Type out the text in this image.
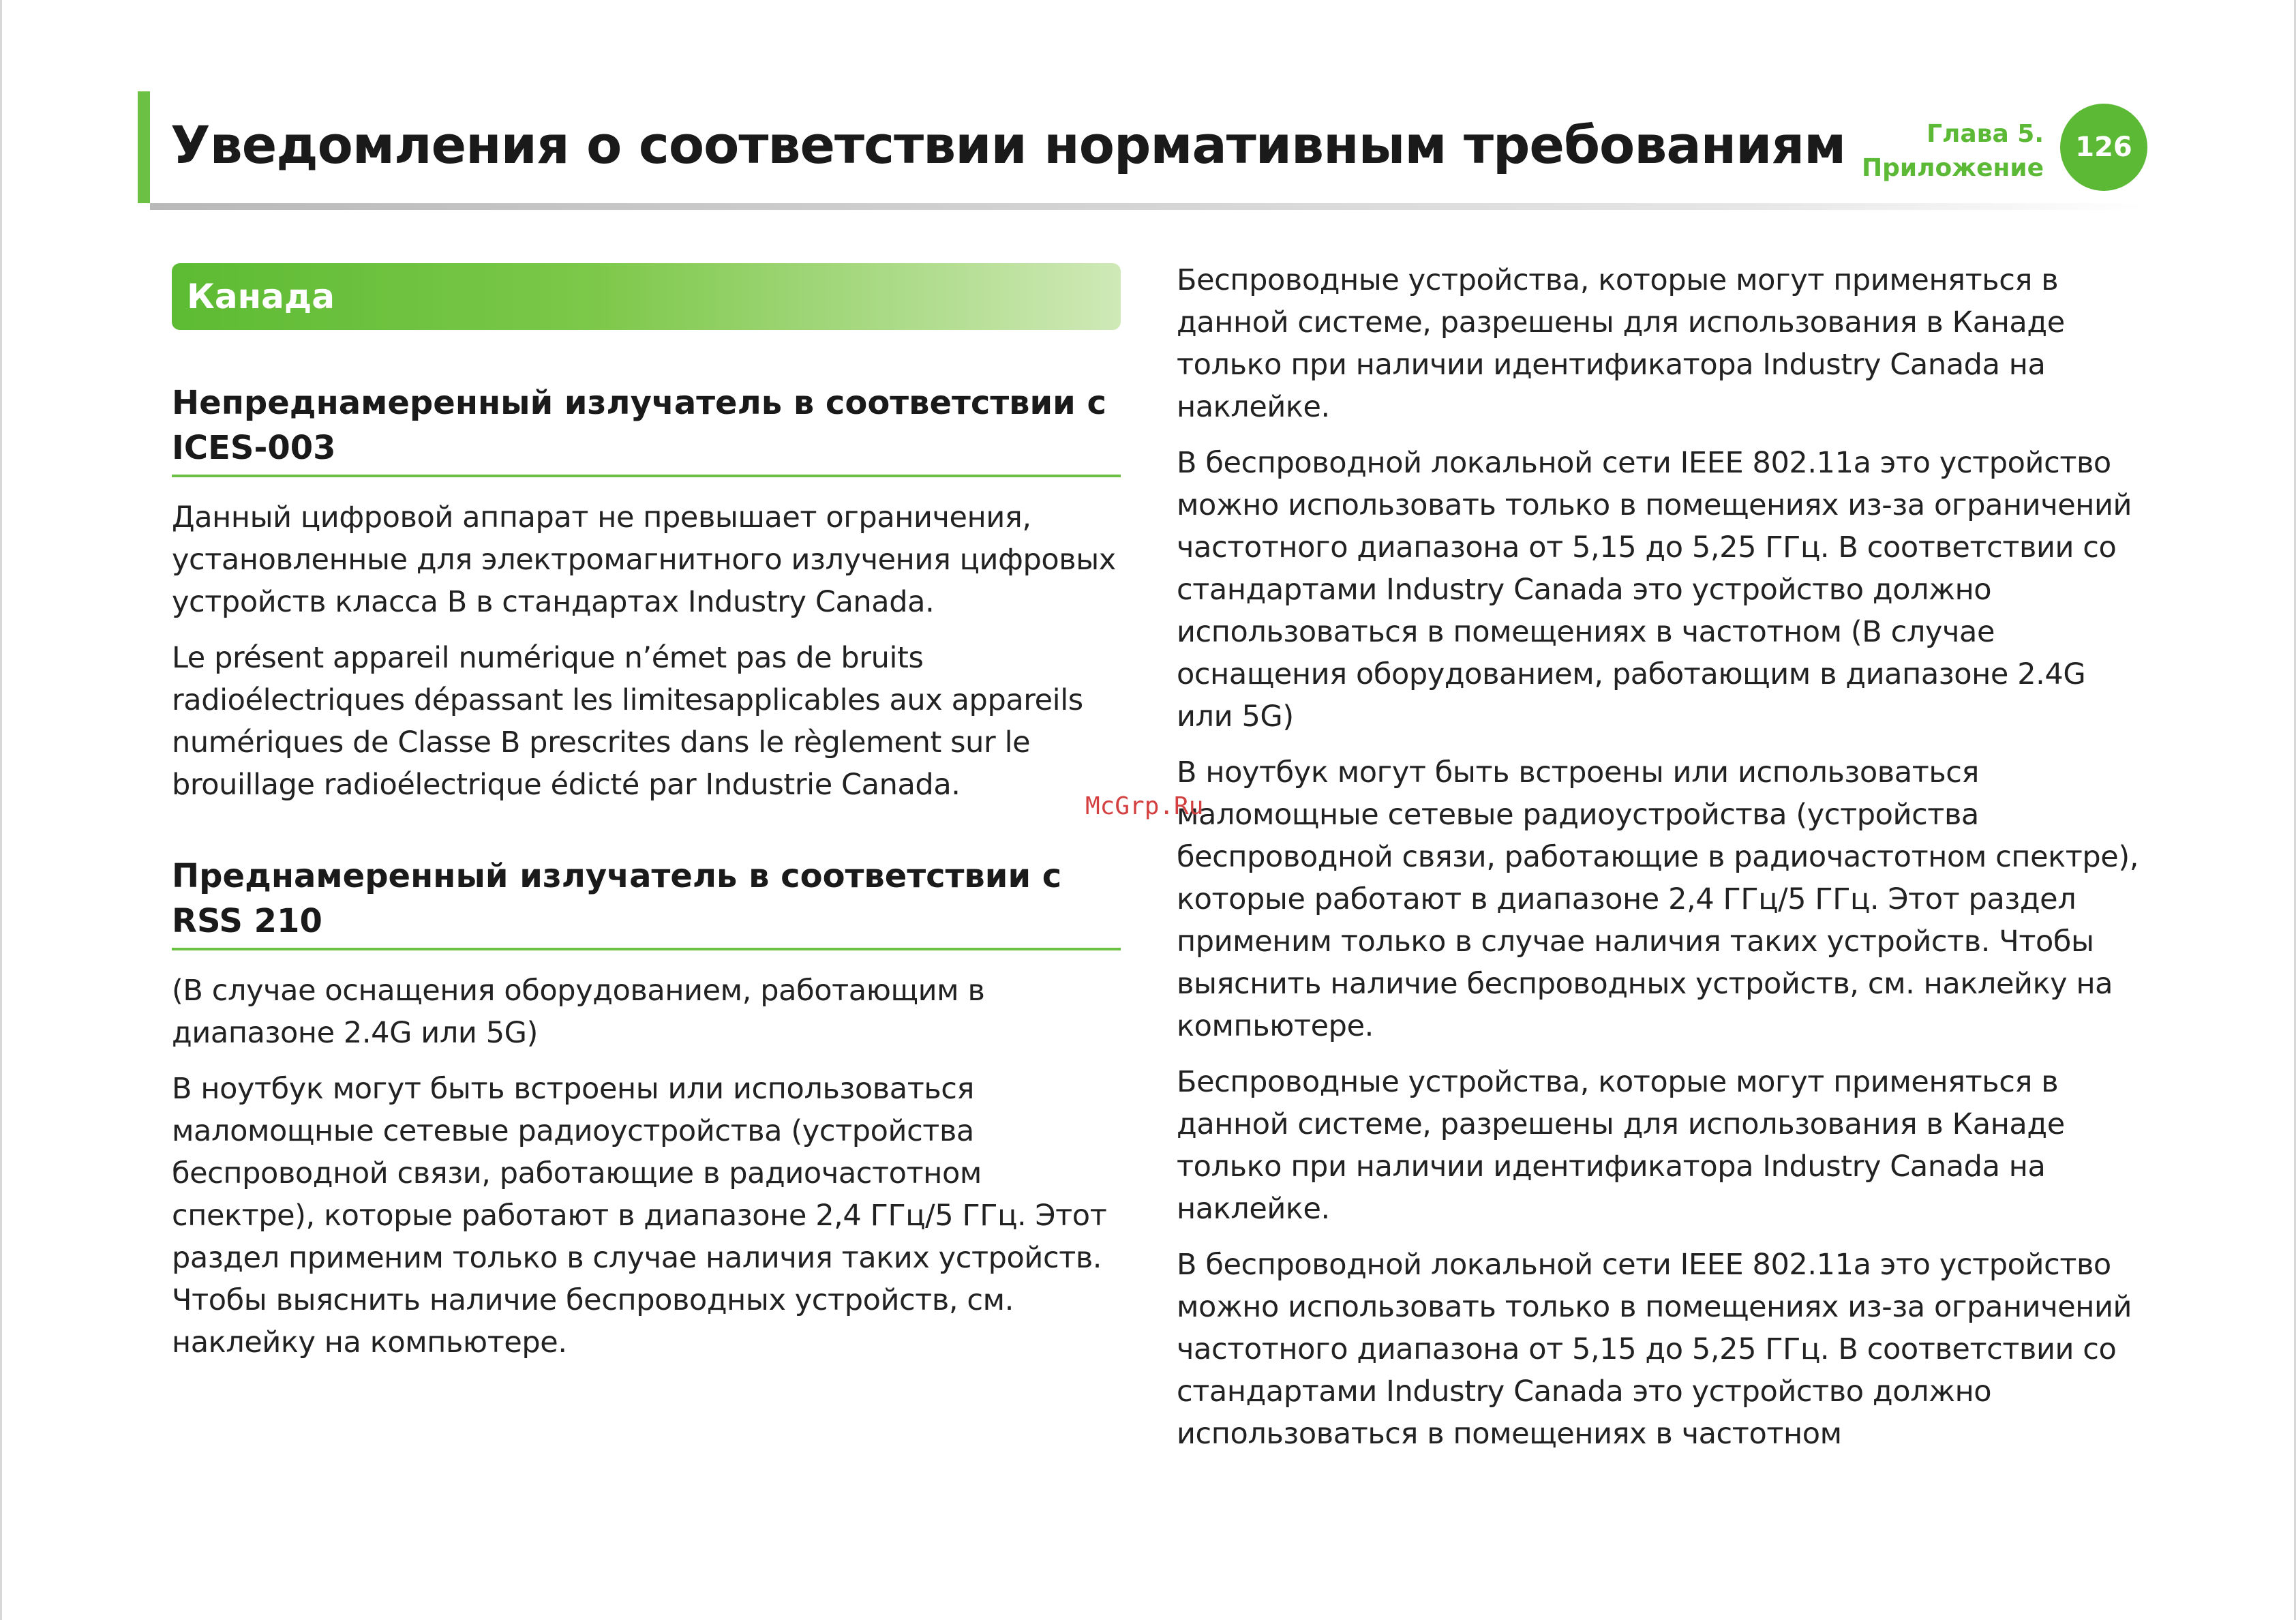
Уведомления о соответствии нормативным требованиям	Глава 5.
Приложение
126
Канада
Непреднамеренный излучатель в соответствии с ICES-003

Данный цифровой аппарат не превышает ограничения, установленные для электромагнитного излучения цифровых устройств класса B в стандартах Industry Canada.

Le présent appareil numérique n’émet pas de bruits radioélectriques dépassant les limitesapplicables aux appareils numériques de Classe B prescrites dans le règlement sur le brouillage radioélectrique édicté par Industrie Canada.

Преднамеренный излучатель в соответствии с RSS 210

(В случае оснащения оборудованием, работающим в диапазоне 2.4G или 5G)

В ноутбук могут быть встроены или использоваться маломощные сетевые радиоустройства (устройства беспроводной связи, работающие в радиочастотном спектре), которые работают в диапазоне 2,4 ГГц/5 ГГц. Этот раздел применим только в случае наличия таких устройств. Чтобы выяснить наличие беспроводных устройств, см. наклейку на компьютере.

Беспроводные устройства, которые могут применяться в данной системе, разрешены для использования в Канаде только при наличии идентификатора Industry Canada на наклейке.

В беспроводной локальной сети IEEE 802.11a это устройство можно использовать только в помещениях из-за ограничений частотного диапазона от 5,15 до 5,25 ГГц. В соответствии со стандартами Industry Canada это устройство должно использоваться в помещениях в частотном (В случае оснащения оборудованием, работающим в диапазоне 2.4G или 5G)

В ноутбук могут быть встроены или использоваться маломощные сетевые радиоустройства (устройства беспроводной связи, работающие в радиочастотном спектре), которые работают в диапазоне 2,4 ГГц/5 ГГц. Этот раздел применим только в случае наличия таких устройств. Чтобы выяснить наличие беспроводных устройств, см. наклейку на компьютере.

Беспроводные устройства, которые могут применяться в данной системе, разрешены для использования в Канаде только при наличии идентификатора Industry Canada на наклейке.

В беспроводной локальной сети IEEE 802.11a это устройство можно использовать только в помещениях из-за ограничений частотного диапазона от 5,15 до 5,25 ГГц. В соответствии со стандартами Industry Canada это устройство должно использоваться в помещениях в частотном

McGrp.Ru
